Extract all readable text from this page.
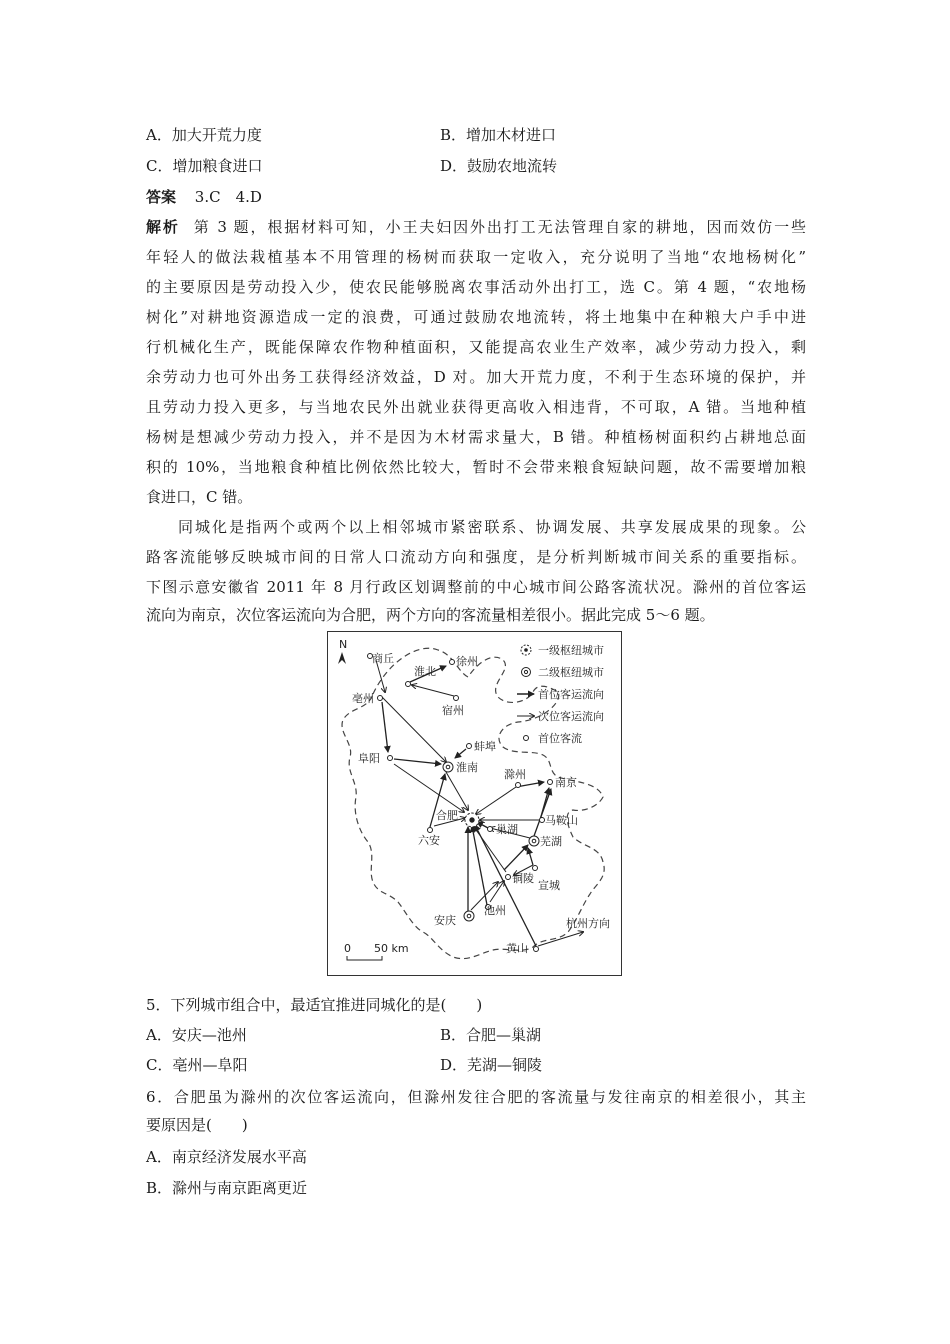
A．加大开荒力度	B．增加木材进口
C．增加粮食进口	D．鼓励农地流转
答案 3.C　4.D
解析 第 3 题，根据材料可知，小王夫妇因外出打工无法管理自家的耕地，因而效仿一些
年轻人的做法栽植基本不用管理的杨树而获取一定收入，充分说明了当地“农地杨树化”
的主要原因是劳动投入少，使农民能够脱离农事活动外出打工，选 C。第 4 题，“农地杨
树化”对耕地资源造成一定的浪费，可通过鼓励农地流转，将土地集中在种粮大户手中进
行机械化生产，既能保障农作物种植面积，又能提高农业生产效率，减少劳动力投入，剩
余劳动力也可外出务工获得经济效益，D 对。加大开荒力度，不利于生态环境的保护，并
且劳动力投入更多，与当地农民外出就业获得更高收入相违背，不可取，A 错。当地种植
杨树是想减少劳动力投入，并不是因为木材需求量大，B 错。种植杨树面积约占耕地总面
积的 10%，当地粮食种植比例依然比较大，暂时不会带来粮食短缺问题，故不需要增加粮
食进口，C 错。
同城化是指两个或两个以上相邻城市紧密联系、协调发展、共享发展成果的现象。公
路客流能够反映城市间的日常人口流动方向和强度，是分析判断城市间关系的重要指标。
下图示意安徽省 2011 年 8 月行政区划调整前的中心城市间公路客流状况。滁州的首位客运
流向为南京，次位客运流向为合肥，两个方向的客流量相差很小。据此完成 5～6 题。
N	一级枢纽城市
二级枢纽城市
首位客运流向
次位客运流向
首位客流
商丘
淮北
徐州
宿州
亳州
蚌埠
阜阳
淮南
滁州
南京
合肥	马鞍山
六安
巢湖
芜湖
铜陵
宣城
安庆
池州
杭州方向
黄山
0 50 km
5．下列城市组合中，最适宜推进同城化的是(　　)
A．安庆—池州	B．合肥—巢湖
C．亳州—阜阳	D．芜湖—铜陵
6．合肥虽为滁州的次位客运流向，但滁州发往合肥的客流量与发往南京的相差很小，其主
要原因是(　　)
A．南京经济发展水平高
B．滁州与南京距离更近
